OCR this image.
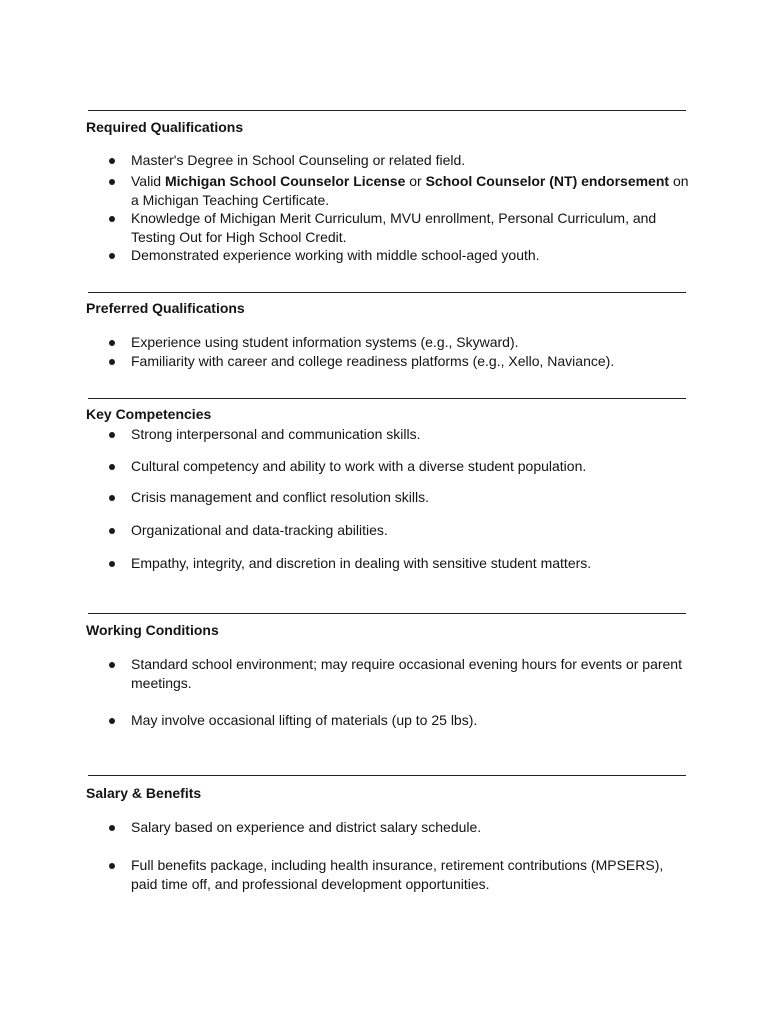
Required Qualifications

Master's Degree in School Counseling or related field.

Valid Michigan School Counselor License or School Counselor (NT) endorsement on a Michigan Teaching Certificate.

Knowledge of Michigan Merit Curriculum, MVU enrollment, Personal Curriculum, and Testing Out for High School Credit.

Demonstrated experience working with middle school-aged youth.

Preferred Qualifications

Experience using student information systems (e.g., Skyward).

Familiarity with career and college readiness platforms (e.g., Xello, Naviance).

Key Competencies

Strong interpersonal and communication skills.

Cultural competency and ability to work with a diverse student population.

Crisis management and conflict resolution skills.

Organizational and data-tracking abilities.

Empathy, integrity, and discretion in dealing with sensitive student matters.

Working Conditions

Standard school environment; may require occasional evening hours for events or parent meetings.

May involve occasional lifting of materials (up to 25 lbs).

Salary & Benefits

Salary based on experience and district salary schedule.

Full benefits package, including health insurance, retirement contributions (MPSERS), paid time off, and professional development opportunities.
